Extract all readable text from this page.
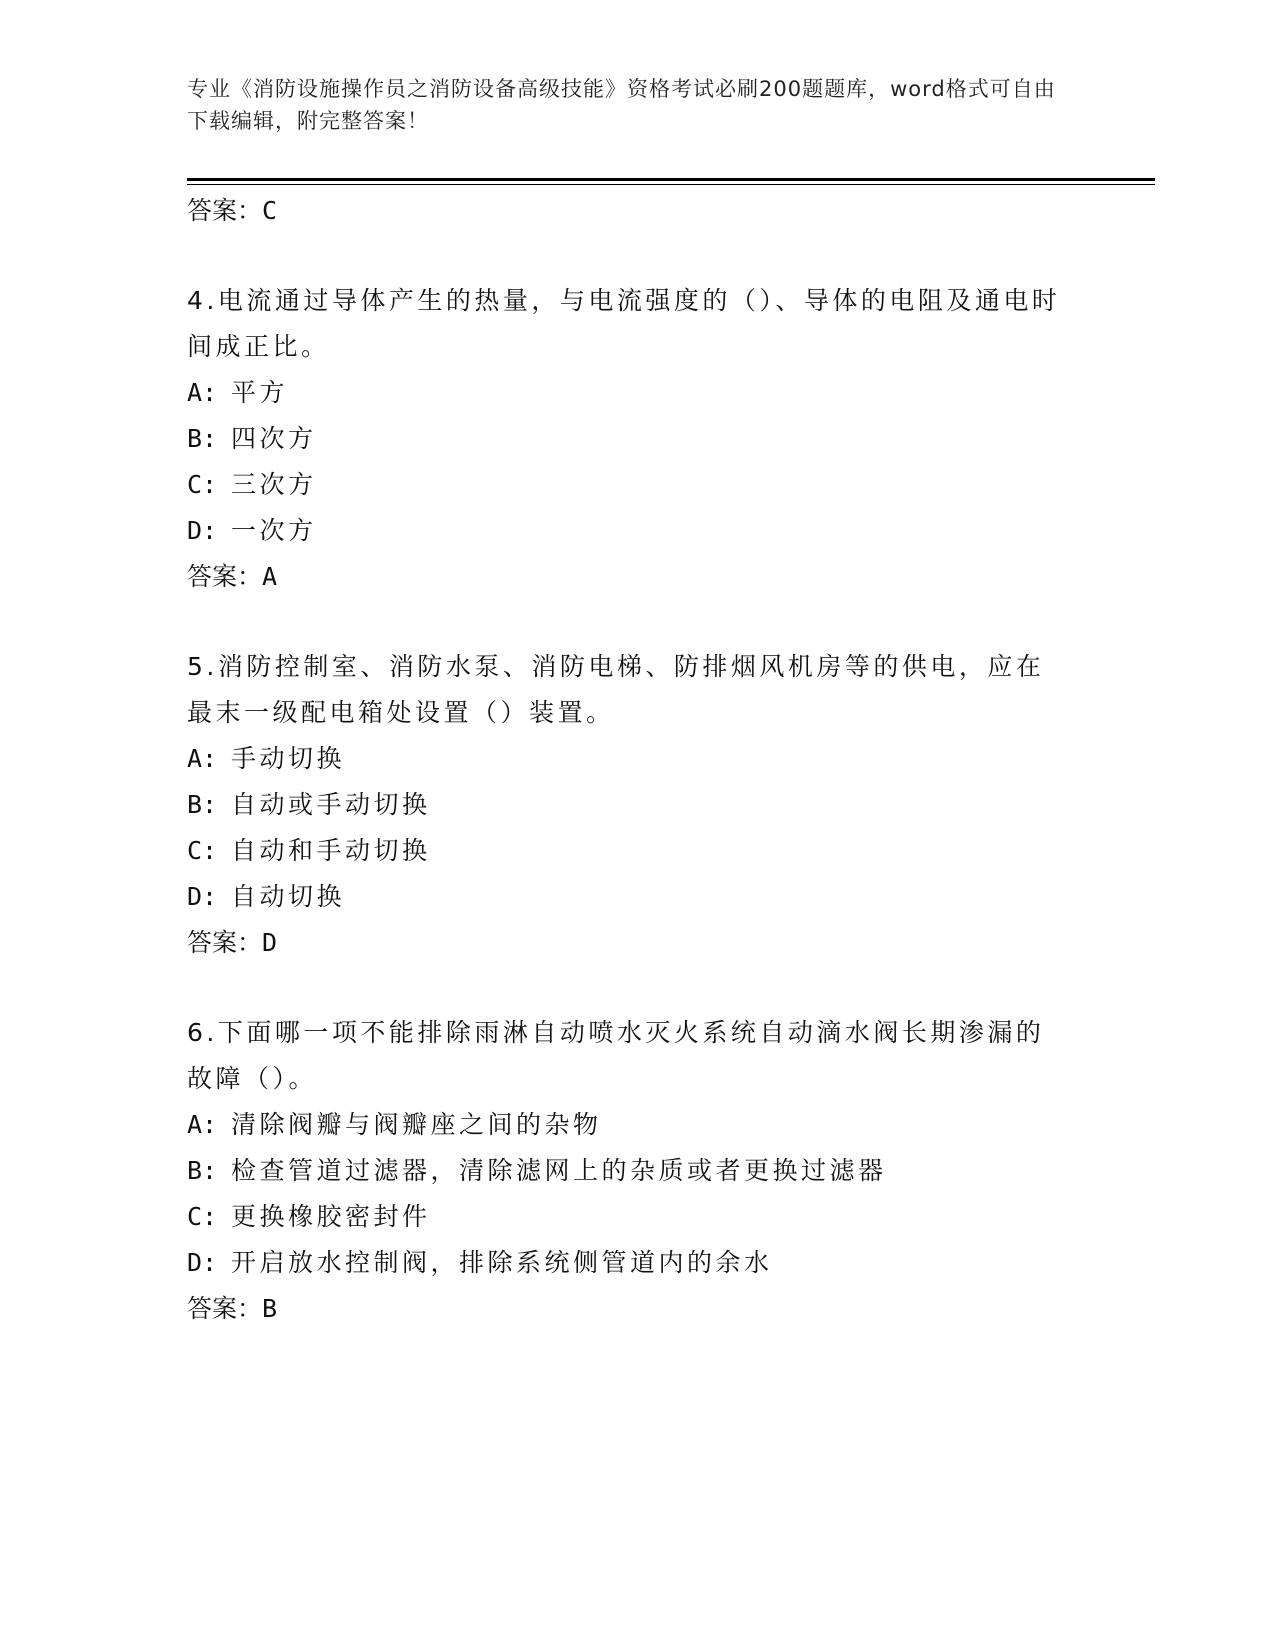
专业《消防设施操作员之消防设备高级技能》资格考试必刷200题题库，word格式可自由下载编辑，附完整答案！
答案：C
4.电流通过导体产生的热量，与电流强度的（）、导体的电阻及通电时间成正比。
A: 平方
B: 四次方
C: 三次方
D: 一次方
答案：A
5.消防控制室、消防水泵、消防电梯、防排烟风机房等的供电，应在最末一级配电箱处设置（）装置。
A: 手动切换
B: 自动或手动切换
C: 自动和手动切换
D: 自动切换
答案：D
6.下面哪一项不能排除雨淋自动喷水灭火系统自动滴水阀长期渗漏的故障（）。
A: 清除阀瓣与阀瓣座之间的杂物
B: 检查管道过滤器，清除滤网上的杂质或者更换过滤器
C: 更换橡胶密封件
D: 开启放水控制阀，排除系统侧管道内的余水
答案：B
